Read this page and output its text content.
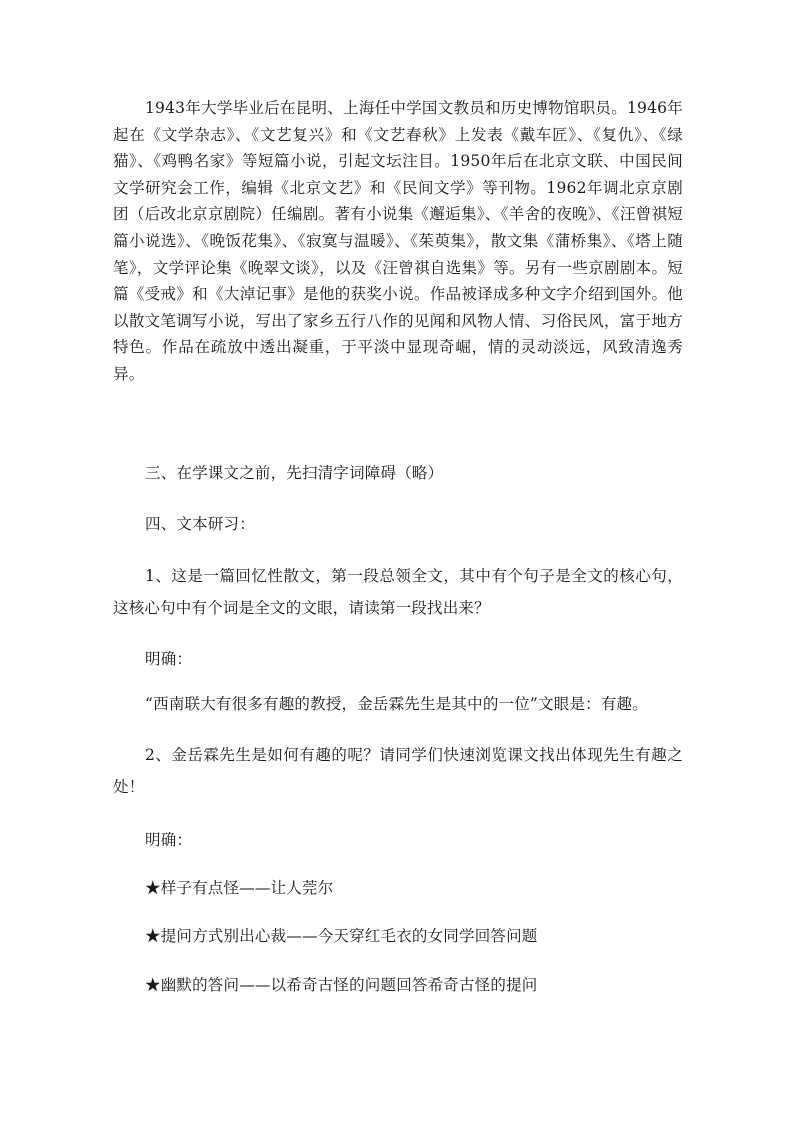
1943年大学毕业后在昆明、上海任中学国文教员和历史博物馆职员。1946年起在《文学杂志》、《文艺复兴》和《文艺春秋》上发表《戴车匠》、《复仇》、《绿猫》、《鸡鸭名家》等短篇小说，引起文坛注目。1950年后在北京文联、中国民间文学研究会工作，编辑《北京文艺》和《民间文学》等刊物。1962年调北京京剧团（后改北京京剧院）任编剧。著有小说集《邂逅集》、《羊舍的夜晚》、《汪曾祺短篇小说选》、《晚饭花集》、《寂寞与温暖》、《茱萸集》，散文集《蒲桥集》、《塔上随笔》，文学评论集《晚翠文谈》，以及《汪曾祺自选集》等。另有一些京剧剧本。短篇《受戒》和《大淖记事》是他的获奖小说。作品被译成多种文字介绍到国外。他以散文笔调写小说，写出了家乡五行八作的见闻和风物人情、习俗民风，富于地方特色。作品在疏放中透出凝重，于平淡中显现奇崛，情的灵动淡远，风致清逸秀异。

三、在学课文之前，先扫清字词障碍（略）

四、文本研习：

1、这是一篇回忆性散文，第一段总领全文，其中有个句子是全文的核心句，这核心句中有个词是全文的文眼，请读第一段找出来？

明确：

“西南联大有很多有趣的教授，金岳霖先生是其中的一位”文眼是：有趣。

2、金岳霖先生是如何有趣的呢？请同学们快速浏览课文找出体现先生有趣之处！

明确：

★样子有点怪——让人莞尔

★提问方式别出心裁——今天穿红毛衣的女同学回答问题

★幽默的答问——以希奇古怪的问题回答希奇古怪的提问
